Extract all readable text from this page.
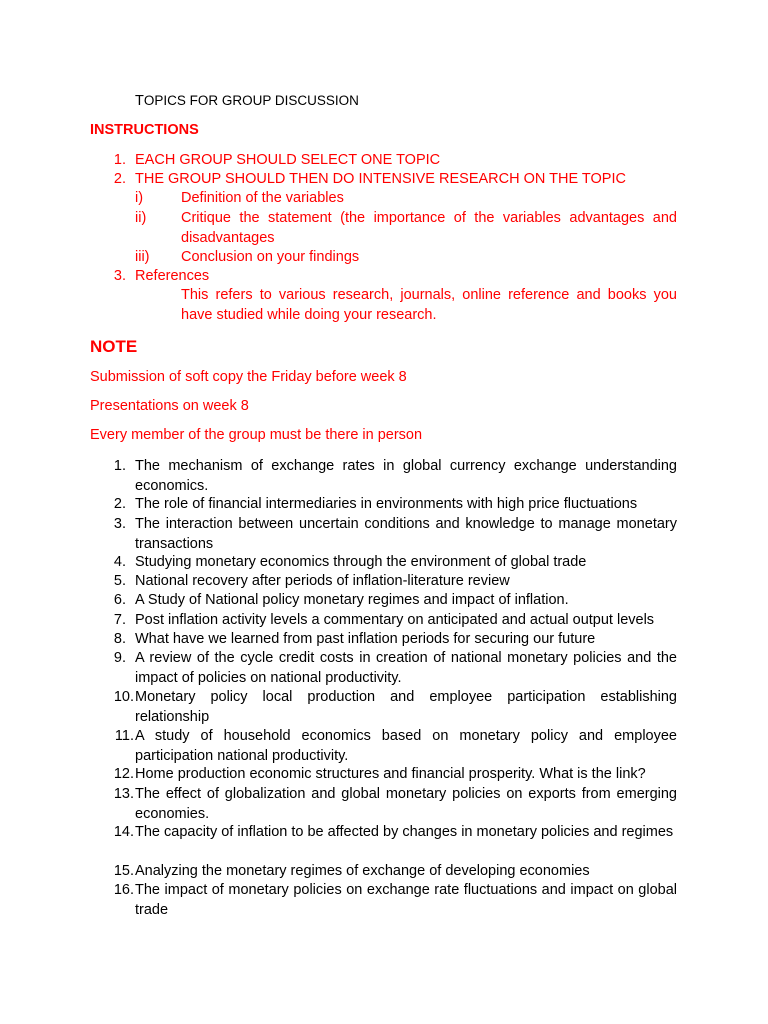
TOPICS FOR GROUP DISCUSSION
INSTRUCTIONS
1. EACH GROUP SHOULD SELECT ONE TOPIC
2. THE GROUP SHOULD THEN DO INTENSIVE RESEARCH ON THE TOPIC
i)	Definition of the variables
ii) Critique the statement (the importance of the variables advantages and disadvantages
iii) Conclusion on your findings
3. References
This refers to various research, journals, online reference and books you have studied while doing your research.
NOTE
Submission of soft copy the Friday before week 8
Presentations on week 8
Every member of the group must be there in person
1. The mechanism of exchange rates in global currency exchange understanding economics.
2. The role of financial intermediaries in environments with high price fluctuations
3. The interaction between uncertain conditions and knowledge to manage monetary transactions
4. Studying monetary economics through the environment of global trade
5. National recovery after periods of inflation-literature review
6. A Study of National policy monetary regimes and impact of inflation.
7. Post inflation activity levels a commentary on anticipated and actual output levels
8. What have we learned from past inflation periods for securing our future
9. A review of the cycle credit costs in creation of national monetary policies and the impact of policies on national productivity.
10. Monetary policy local production and employee participation establishing relationship
11. A study of household economics based on monetary policy and employee participation national productivity.
12. Home production economic structures and financial prosperity. What is the link?
13. The effect of globalization and global monetary policies on exports from emerging economies.
14. The capacity of inflation to be affected by changes in monetary policies and regimes
15. Analyzing the monetary regimes of exchange of developing economies
16. The impact of monetary policies on exchange rate fluctuations and impact on global trade
